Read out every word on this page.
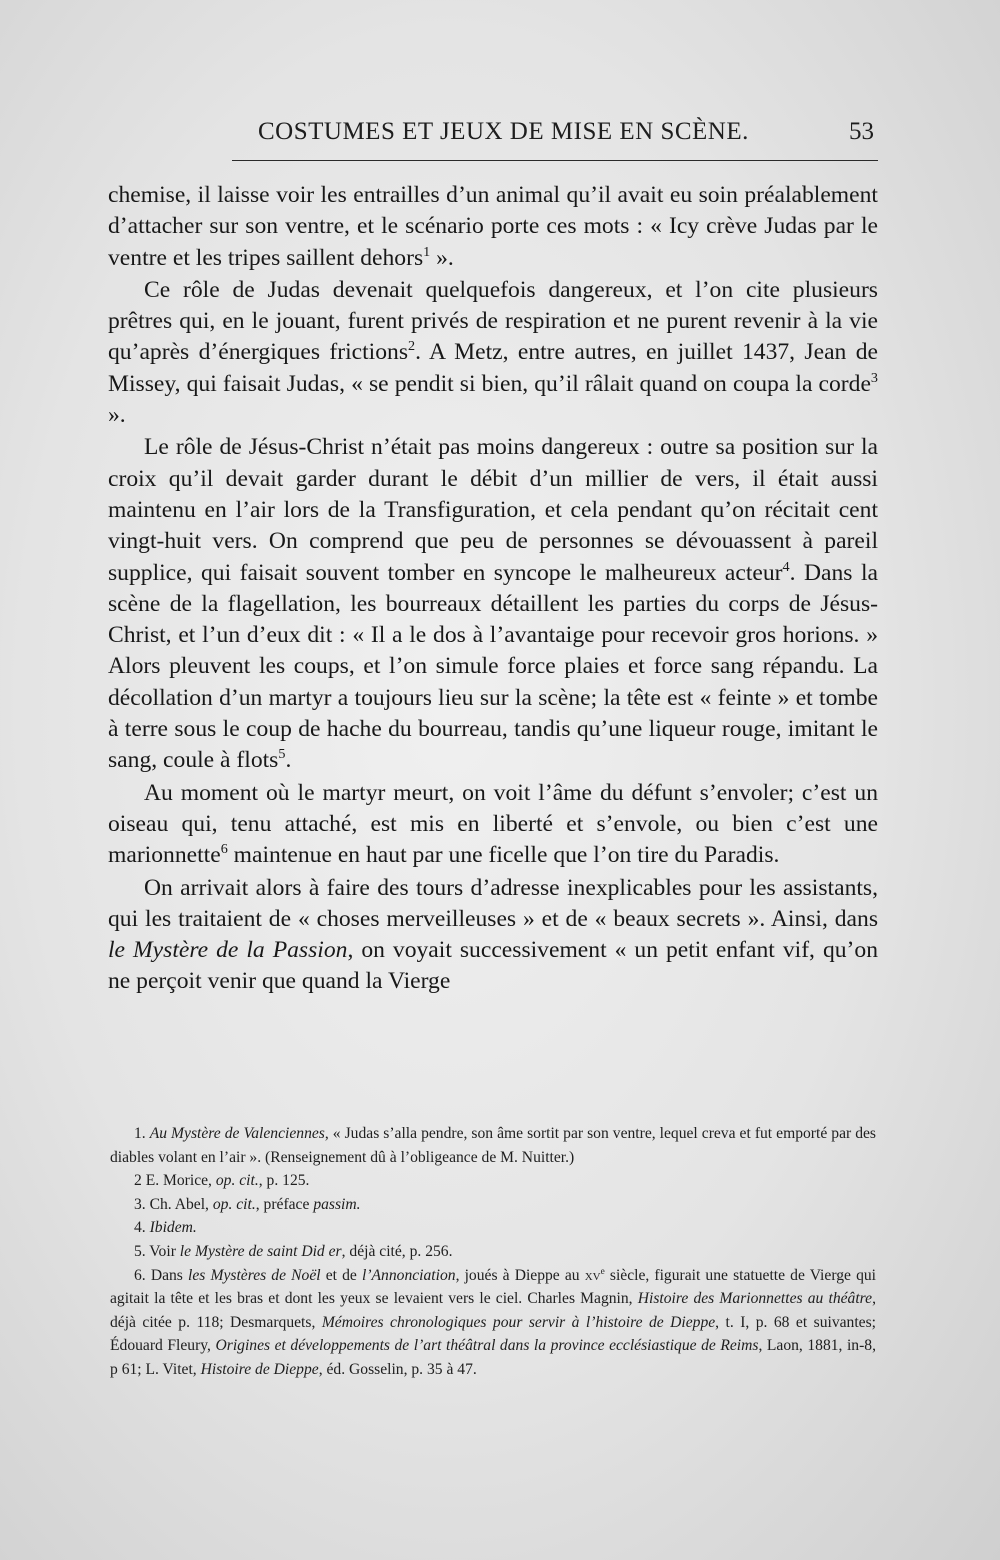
COSTUMES ET JEUX DE MISE EN SCÈNE.	53

chemise, il laisse voir les entrailles d’un animal qu’il avait eu soin préalablement d’attacher sur son ventre, et le scénario porte ces mots : « Icy crève Judas par le ventre et les tripes saillent dehors$^1$ ».

Ce rôle de Judas devenait quelquefois dangereux, et l’on cite plusieurs prêtres qui, en le jouant, furent privés de respiration et ne purent revenir à la vie qu’après d’énergiques frictions$^2$. A Metz, entre autres, en juillet 1437, Jean de Missey, qui faisait Judas, « se pendit si bien, qu’il râlait quand on coupa la corde$^3$ ».

Le rôle de Jésus-Christ n’était pas moins dangereux : outre sa position sur la croix qu’il devait garder durant le débit d’un millier de vers, il était aussi maintenu en l’air lors de la Transfiguration, et cela pendant qu’on récitait cent vingt-huit vers. On comprend que peu de personnes se dévouassent à pareil supplice, qui faisait souvent tomber en syncope le malheureux acteur$^4$. Dans la scène de la flagellation, les bourreaux détaillent les parties du corps de Jésus-Christ, et l’un d’eux dit : « Il a le dos à l’avantaige pour recevoir gros horions. » Alors pleuvent les coups, et l’on simule force plaies et force sang répandu. La décollation d’un martyr a toujours lieu sur la scène; la tête est « feinte » et tombe à terre sous le coup de hache du bourreau, tandis qu’une liqueur rouge, imitant le sang, coule à flots$^5$.

Au moment où le martyr meurt, on voit l’âme du défunt s’envoler; c’est un oiseau qui, tenu attaché, est mis en liberté et s’envole, ou bien c’est une marionnette$^6$ maintenue en haut par une ficelle que l’on tire du Paradis.

On arrivait alors à faire des tours d’adresse inexplicables pour les assistants, qui les traitaient de « choses merveilleuses » et de « beaux secrets ». Ainsi, dans le Mystère de la Passion, on voyait successivement « un petit enfant vif, qu’on ne perçoit venir que quand la Vierge

1. Au Mystère de Valenciennes, « Judas s’alla pendre, son âme sortit par son ventre, lequel creva et fut emporté par des diables volant en l’air ». (Renseignement dû à l’obligeance de M. Nuitter.)

2 E. Morice, op. cit., p. 125.

3. Ch. Abel, op. cit., préface passim.

4. Ibidem.

5. Voir le Mystère de saint Did er, déjà cité, p. 256.

6. Dans les Mystères de Noël et de l’Annonciation, joués à Dieppe au $xv^e$ siècle, figurait une statuette de Vierge qui agitait la tête et les bras et dont les yeux se levaient vers le ciel. Charles Magnin, Histoire des Marionnettes au théâtre, déjà citée p. 118; Desmarquets, Mémoires chronologiques pour servir à l’histoire de Dieppe, t. I, p. 68 et suivantes; Édouard Fleury, Origines et développements de l’art théâtral dans la province ecclésiastique de Reims, Laon, 1881, in-8, p 61; L. Vitet, Histoire de Dieppe, éd. Gosselin, p. 35 à 47.
